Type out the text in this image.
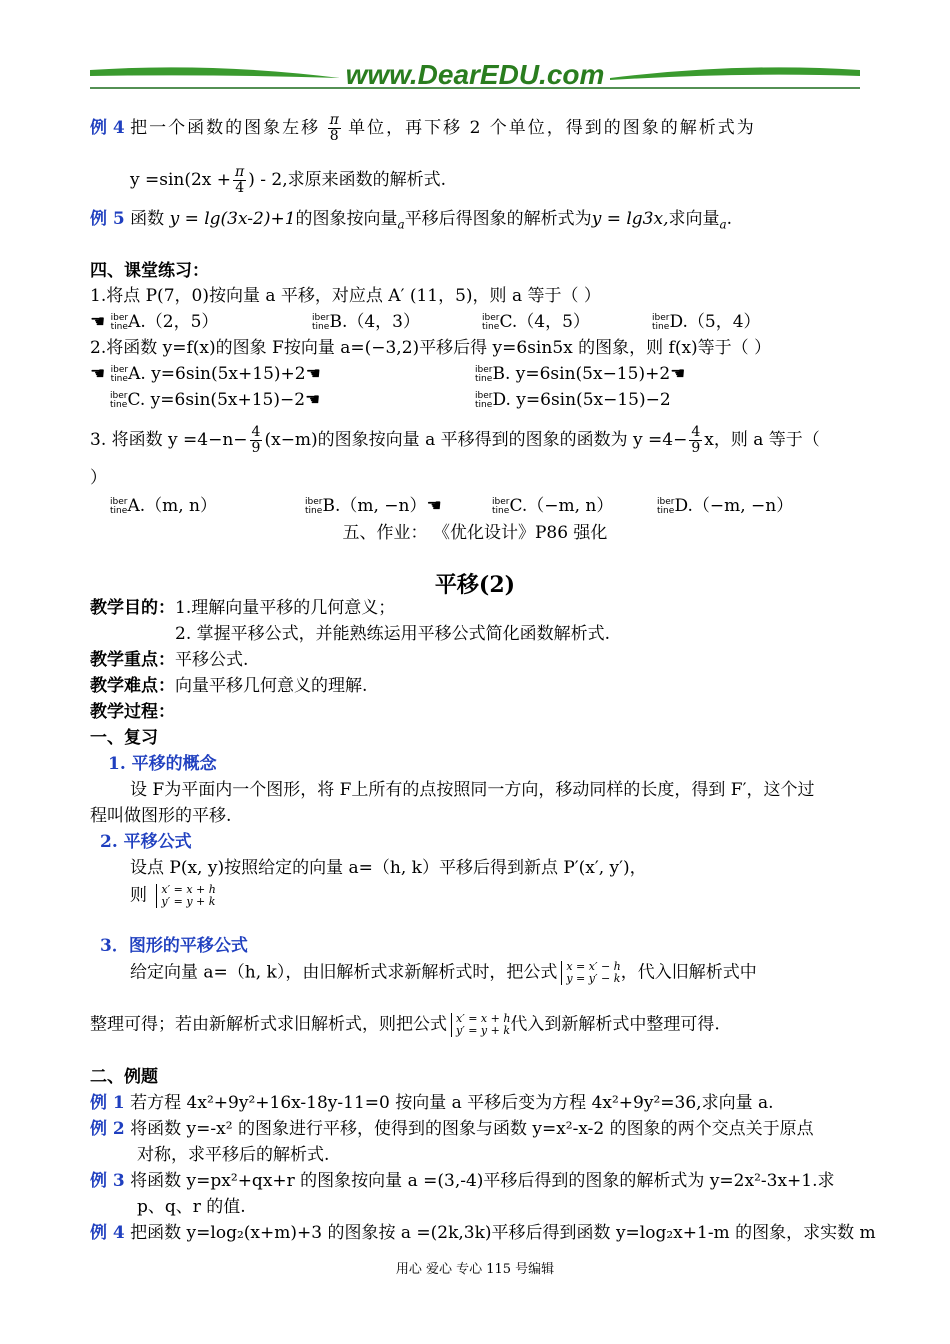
www.DearEDU.com
例 4 把一个函数的图象左移 $\frac{\pi}{8}$ 单位，再下移 2 个单位，得到的图象的解析式为
$y =\sin(2x + \frac{\pi}{4}$ ) - 2,求原来函数的解析式.
例 5 函数 y = lg(3x-2)+1的图象按向量$_a$平移后得图象的解析式为y = lg3x,求向量$_a$.
四、课堂练习：
1.将点 P(7，0)按向量 a 平移，对应点 A′ (11，5)，则 a 等于（ ）
☚ iber
tineA.（2，5）	iber
tineB.（4，3）	iber
tineC.（4，5）	iber
tineD.（5，4）
2.将函数 y=f(x)的图象 F按向量 a=(−3,2)平移后得 y=6sin5x 的图象，则 f(x)等于（ ）
☚ iber
tineA. y=6sin(5x+15)+2☚	iber
tineB. y=6sin(5x−15)+2☚
iber
tineC. y=6sin(5x+15)−2☚	iber
tineD. y=6sin(5x−15)−2
3. 将函数 $y =4-n- \frac{4}{9} (x-m)$的图象按向量 a 平移得到的图象的函数为 $y =4- \frac{4}{9}$ x，则 a 等于（
）
iber
tineA.（m, n）	iber
tineB.（m, −n）☚	iber
tineC.（−m, n）	iber
tineD.（−m, −n）
五、作业： 《优化设计》P86 强化
平移(2)
教学目的：1.理解向量平移的几何意义；
2. 掌握平移公式，并能熟练运用平移公式简化函数解析式.
教学重点：平移公式.
教学难点：向量平移几何意义的理解.
教学过程：
一、复习
1. 平移的概念
设 F为平面内一个图形，将 F上所有的点按照同一方向，移动同样的长度，得到 F′，这个过
程叫做图形的平移.
2. 平移公式
设点 P(x, y)按照给定的向量 a=（h, k）平移后得到新点 P′(x′, y′)，
则 x′ = x + h
y′ = y + k
3．图形的平移公式
给定向量 a=（h, k），由旧解析式求新解析式时，把公式 x = x′ − h
y = y′ − k，代入旧解析式中
整理可得；若由新解析式求旧解析式，则把公式 x′ = x + h
y′ = y + k代入到新解析式中整理可得.
二、例题
例 1 若方程 4x²+9y²+16x-18y-11=0 按向量 a 平移后变为方程 4x²+9y²=36,求向量 a.
例 2 将函数 y=-x² 的图象进行平移，使得到的图象与函数 y=x²-x-2 的图象的两个交点关于原点
对称，求平移后的解析式.
例 3 将函数 y=px²+qx+r 的图象按向量 a =(3,-4)平移后得到的图象的解析式为 y=2x²-3x+1.求
p、q、r 的值.
例 4 把函数 y=log₂(x+m)+3 的图象按 a =(2k,3k)平移后得到函数 y=log₂x+1-m 的图象，求实数 m
用心 爱心 专心 115 号编辑
